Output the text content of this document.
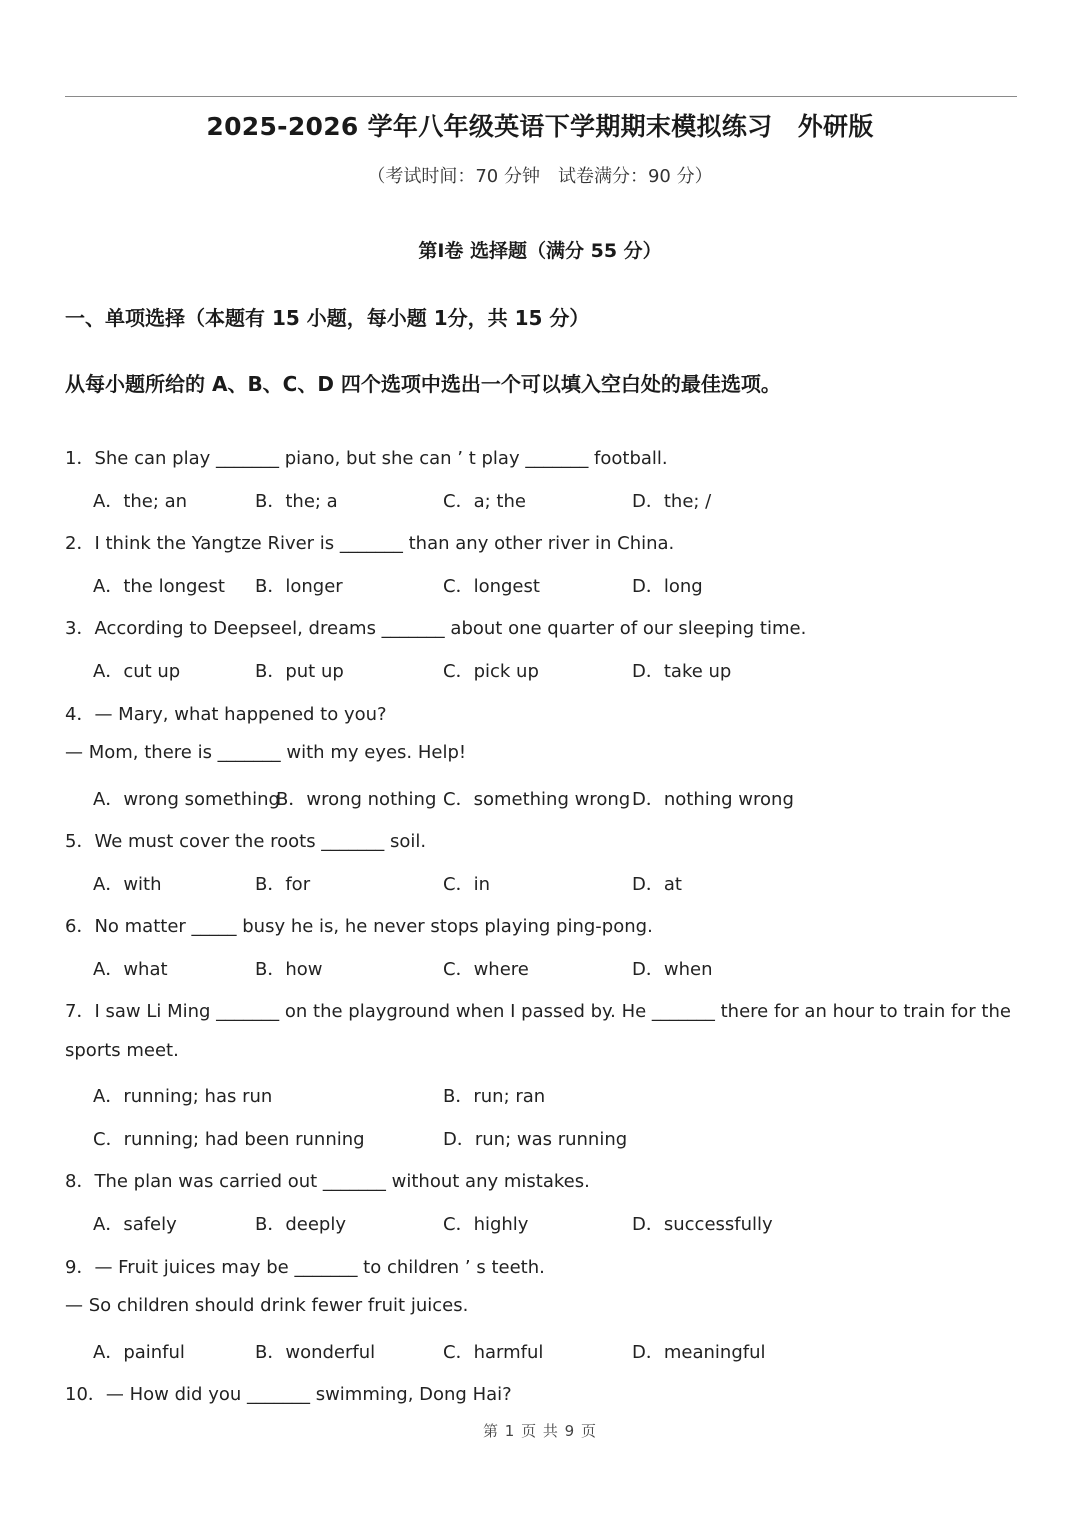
2025-2026 学年八年级英语下学期期末模拟练习　外研版
（考试时间：70 分钟　试卷满分：90 分）
第I卷 选择题（满分 55 分）
一、单项选择（本题有 15 小题，每小题 1分，共 15 分）
从每小题所给的 A、B、C、D 四个选项中选出一个可以填入空白处的最佳选项。
1．She can play _______ piano, but she can ’ t play _______ football.
A．the; an	B．the; a	C．a; the	D．the; /
2．I think the Yangtze River is _______ than any other river in China.
A．the longest B．longer	C．longest	D．long
3．According to Deepseel, dreams _______ about one quarter of our sleeping time.
A．cut up	B．put up	C．pick up	D．take up
4．— Mary, what happened to you?
— Mom, there is _______ with my eyes. Help!
A．wrong something
B．wrong nothing C．something wrong D．nothing wrong
5．We must cover the roots _______ soil.
A．with	B．for	C．in	D．at
6．No matter _____ busy he is, he never stops playing ping-pong.
A．what	B．how	C．where	D．when
7．I saw Li Ming _______ on the playground when I passed by. He _______ there for an hour to train for the
sports meet.
A．running; has run	B．run; ran
C．running; had been running	D．run; was running
8．The plan was carried out _______ without any mistakes.
A．safely	B．deeply	C．highly	D．successfully
9．— Fruit juices may be _______ to children ’ s teeth.
— So children should drink fewer fruit juices.
A．painful	B．wonderful	C．harmful	D．meaningful
10．— How did you _______ swimming, Dong Hai?
第 1 页 共 9 页
